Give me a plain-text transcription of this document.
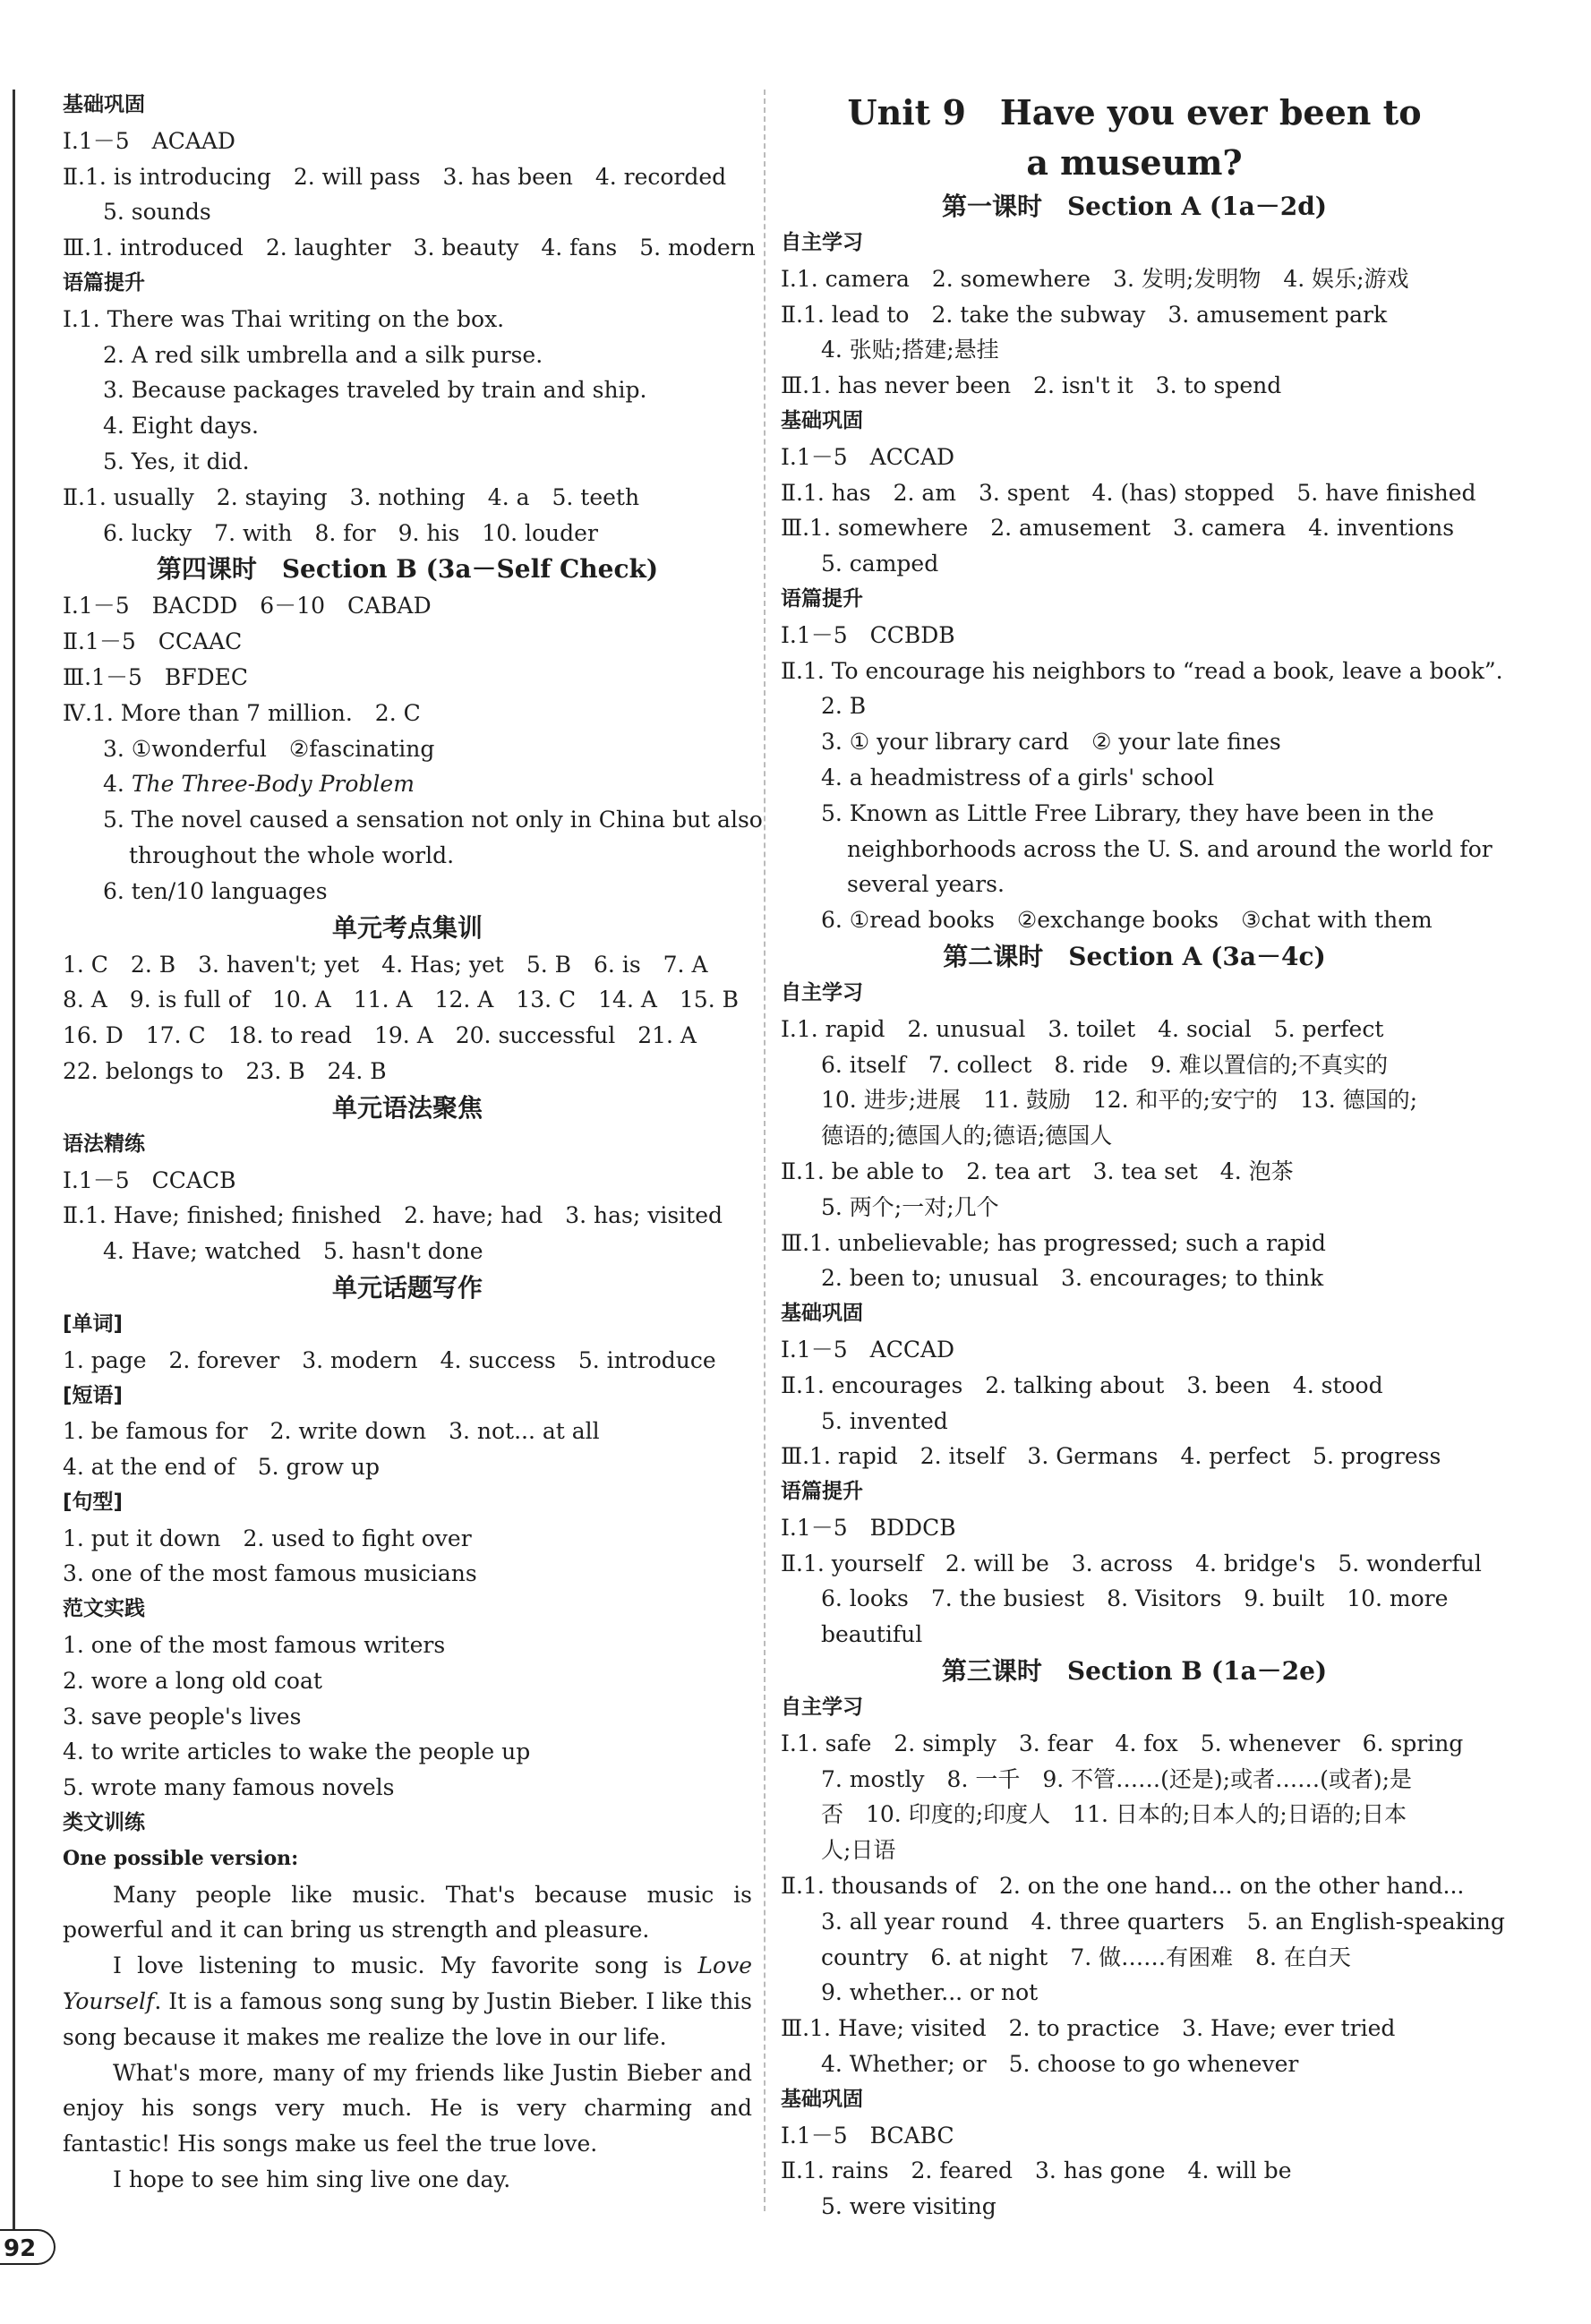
基础巩固
Ⅰ.1－5　ACAAD
Ⅱ.1. is introducing　2. will pass　3. has been　4. recorded
5. sounds
Ⅲ.1. introduced　2. laughter　3. beauty　4. fans　5. modern
语篇提升
Ⅰ.1. There was Thai writing on the box.
2. A red silk umbrella and a silk purse.
3. Because packages traveled by train and ship.
4. Eight days.
5. Yes, it did.
Ⅱ.1. usually　2. staying　3. nothing　4. a　5. teeth
6. lucky　7. with　8. for　9. his　10. louder
第四课时　Section B (3a－Self Check)
Ⅰ.1－5　BACDD　6－10　CABAD
Ⅱ.1－5　CCAAC
Ⅲ.1－5　BFDEC
Ⅳ.1. More than 7 million.　2. C
3. ①wonderful　②fascinating
4. The Three-Body Problem
5. The novel caused a sensation not only in China but also
throughout the whole world.
6. ten/10 languages
单元考点集训
1. C　2. B　3. haven't; yet　4. Has; yet　5. B　6. is　7. A
8. A　9. is full of　10. A　11. A　12. A　13. C　14. A　15. B
16. D　17. C　18. to read　19. A　20. successful　21. A
22. belongs to　23. B　24. B
单元语法聚焦
语法精练
Ⅰ.1－5　CCACB
Ⅱ.1. Have; finished; finished　2. have; had　3. has; visited
4. Have; watched　5. hasn't done
单元话题写作
[单词]
1. page　2. forever　3. modern　4. success　5. introduce
[短语]
1. be famous for　2. write down　3. not... at all
4. at the end of　5. grow up
[句型]
1. put it down　2. used to fight over
3. one of the most famous musicians
范文实践
1. one of the most famous writers
2. wore a long old coat
3. save people's lives
4. to write articles to wake the people up
5. wrote many famous novels
类文训练
One possible version:
Many people like music. That's because music is powerful and it can bring us strength and pleasure.
I love listening to music. My favorite song is Love Yourself. It is a famous song sung by Justin Bieber. I like this song because it makes me realize the love in our life.
What's more, many of my friends like Justin Bieber and enjoy his songs very much. He is very charming and fantastic! His songs make us feel the true love.
I hope to see him sing live one day.
Unit 9　Have you ever been to
a museum?
第一课时　Section A (1a－2d)
自主学习
Ⅰ.1. camera　2. somewhere　3. 发明;发明物　4. 娱乐;游戏
Ⅱ.1. lead to　2. take the subway　3. amusement park
4. 张贴;搭建;悬挂
Ⅲ.1. has never been　2. isn't it　3. to spend
基础巩固
Ⅰ.1－5　ACCAD
Ⅱ.1. has　2. am　3. spent　4. (has) stopped　5. have finished
Ⅲ.1. somewhere　2. amusement　3. camera　4. inventions
5. camped
语篇提升
Ⅰ.1－5　CCBDB
Ⅱ.1. To encourage his neighbors to “read a book, leave a book”.
2. B
3. ① your library card　② your late fines
4. a headmistress of a girls' school
5. Known as Little Free Library, they have been in the
neighborhoods across the U. S. and around the world for
several years.
6. ①read books　②exchange books　③chat with them
第二课时　Section A (3a－4c)
自主学习
Ⅰ.1. rapid　2. unusual　3. toilet　4. social　5. perfect
6. itself　7. collect　8. ride　9. 难以置信的;不真实的
10. 进步;进展　11. 鼓励　12. 和平的;安宁的　13. 德国的;
德语的;德国人的;德语;德国人
Ⅱ.1. be able to　2. tea art　3. tea set　4. 泡茶
5. 两个;一对;几个
Ⅲ.1. unbelievable; has progressed; such a rapid
2. been to; unusual　3. encourages; to think
基础巩固
Ⅰ.1－5　ACCAD
Ⅱ.1. encourages　2. talking about　3. been　4. stood
5. invented
Ⅲ.1. rapid　2. itself　3. Germans　4. perfect　5. progress
语篇提升
Ⅰ.1－5　BDDCB
Ⅱ.1. yourself　2. will be　3. across　4. bridge's　5. wonderful
6. looks　7. the busiest　8. Visitors　9. built　10. more
beautiful
第三课时　Section B (1a－2e)
自主学习
Ⅰ.1. safe　2. simply　3. fear　4. fox　5. whenever　6. spring
7. mostly　8. 一千　9. 不管……(还是);或者……(或者);是
否　10. 印度的;印度人　11. 日本的;日本人的;日语的;日本
人;日语
Ⅱ.1. thousands of　2. on the one hand... on the other hand...
3. all year round　4. three quarters　5. an English-speaking
country　6. at night　7. 做……有困难　8. 在白天
9. whether... or not
Ⅲ.1. Have; visited　2. to practice　3. Have; ever tried
4. Whether; or　5. choose to go whenever
基础巩固
Ⅰ.1－5　BCABC
Ⅱ.1. rains　2. feared　3. has gone　4. will be
5. were visiting
92
